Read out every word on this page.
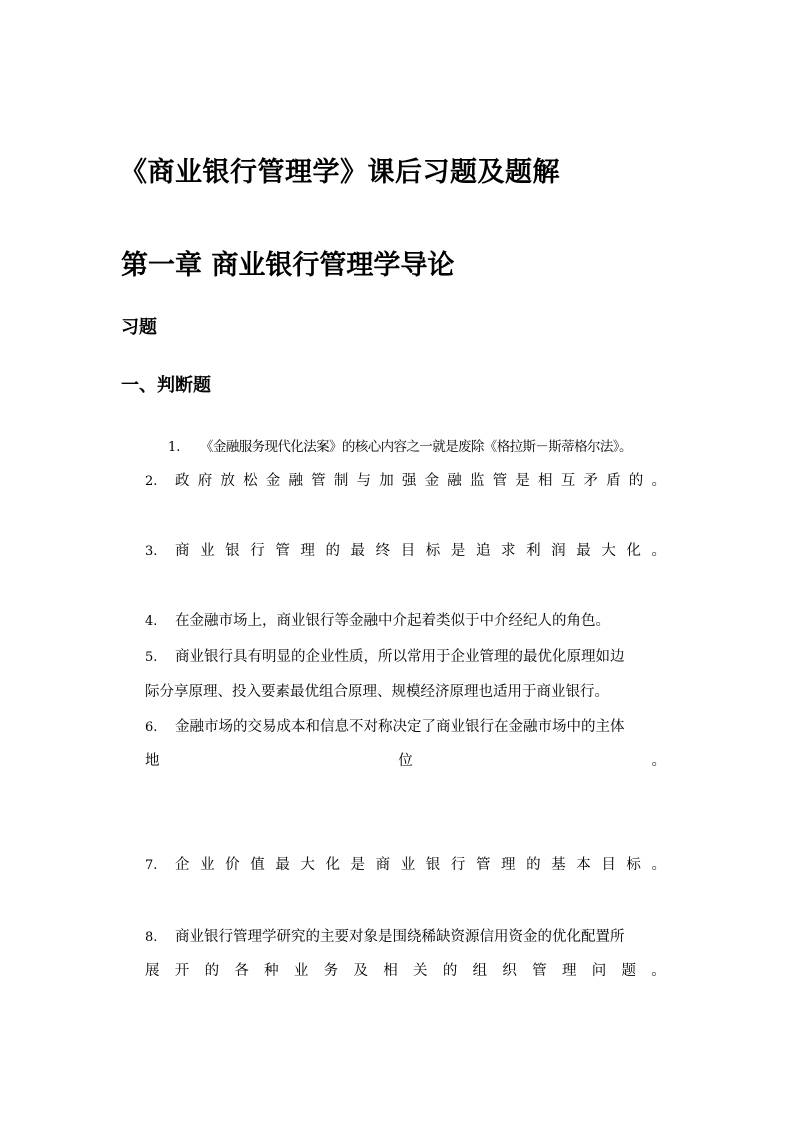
《商业银行管理学》课后习题及题解
第一章 商业银行管理学导论
习题
一、判断题
1. 《金融服务现代化法案》的核心内容之一就是废除《格拉斯－斯蒂格尔法》。
2.	政 府 放 松 金 融 管 制 与 加 强 金 融 监 管 是 相 互 矛 盾 的 。
3.	商 业 银 行 管 理 的 最 终 目 标 是 追 求 利 润 最 大 化 。
4. 在金融市场上，商业银行等金融中介起着类似于中介经纪人的角色。
5. 商业银行具有明显的企业性质，所以常用于企业管理的最优化原理如边
际分享原理、投入要素最优组合原理、规模经济原理也适用于商业银行。
6. 金融市场的交易成本和信息不对称决定了商业银行在金融市场中的主体
地	位	。
7.	企 业 价 值 最 大 化 是 商 业 银 行 管 理 的 基 本 目 标 。
8. 商业银行管理学研究的主要对象是围绕稀缺资源信用资金的优化配置所
展 开 的 各 种 业 务 及 相 关 的 组 织 管 理 问 题 。
